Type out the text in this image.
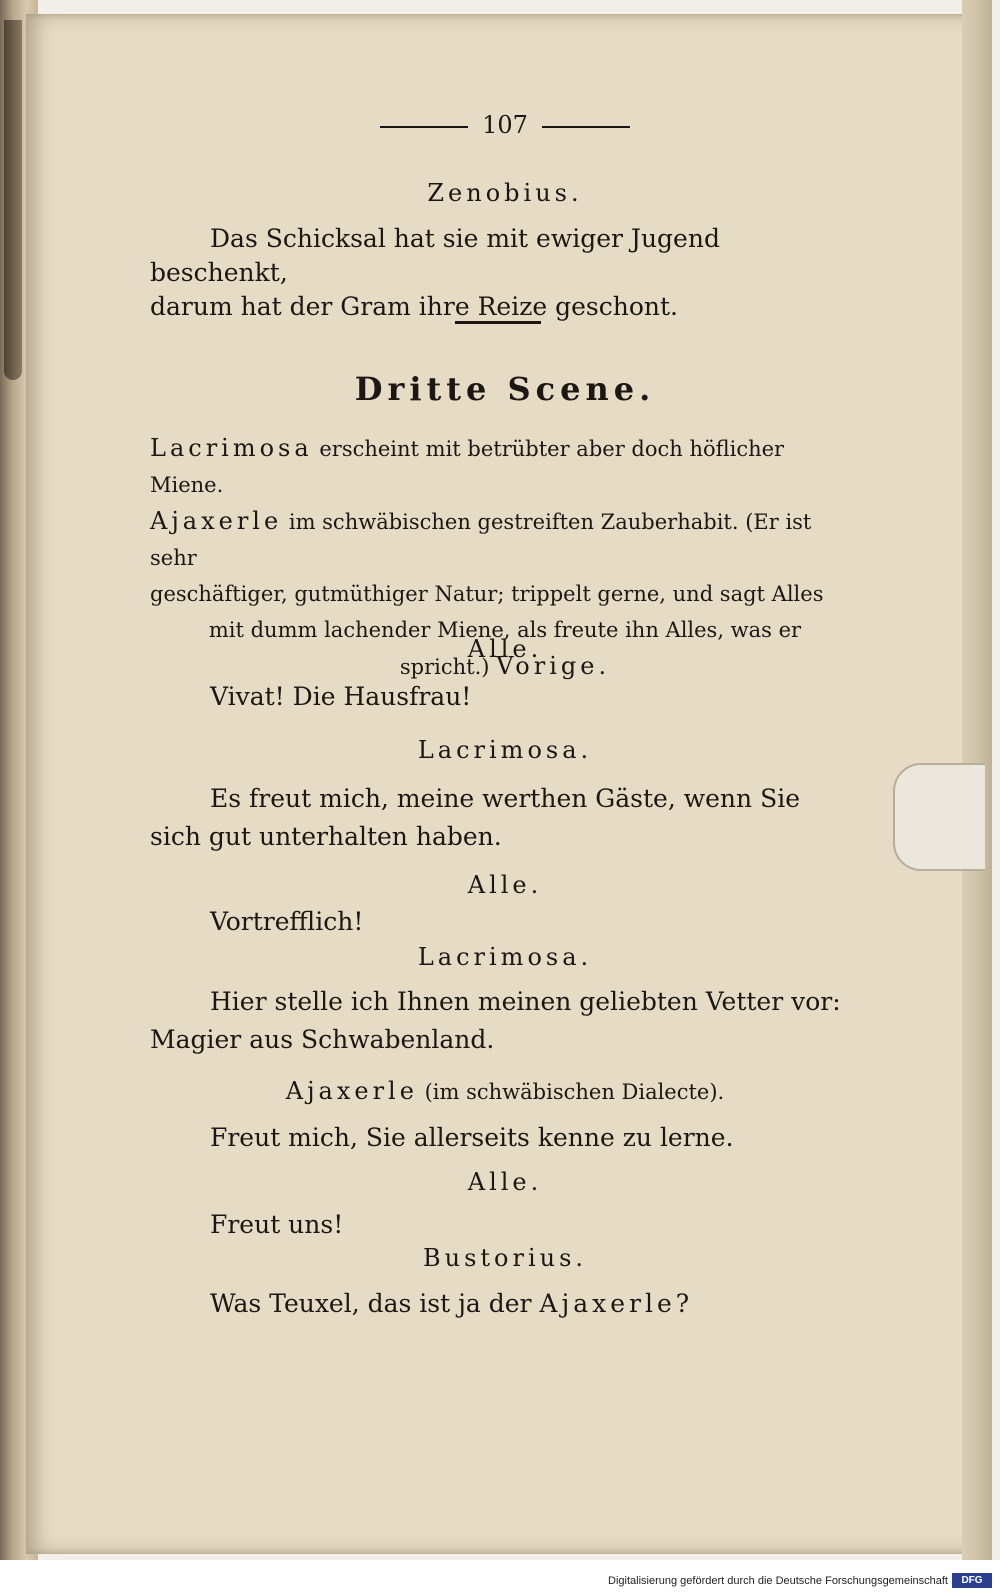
107
Zenobius.
Das Schicksal hat sie mit ewiger Jugend beschenkt,
darum hat der Gram ihre Reize geschont.
Dritte Scene.
Lacrimosa erscheint mit betrübter aber doch höflicher Miene.
Ajaxerle im schwäbischen gestreiften Zauberhabit. (Er ist sehr
geschäftiger, gutmüthiger Natur; trippelt gerne, und sagt Alles
mit dumm lachender Miene, als freute ihn Alles, was er
spricht.) Vorige.
Alle.
Vivat! Die Hausfrau!
Lacrimosa.
Es freut mich, meine werthen Gäste, wenn Sie
sich gut unterhalten haben.
Alle.
Vortrefflich!
Lacrimosa.
Hier stelle ich Ihnen meinen geliebten Vetter vor:
Magier aus Schwabenland.
Ajaxerle (im schwäbischen Dialecte).
Freut mich, Sie allerseits kenne zu lerne.
Alle.
Freut uns!
Bustorius.
Was Teuxel, das ist ja der Ajaxerle?
Digitalisierung gefördert durch die Deutsche Forschungsgemeinschaft	DFG
